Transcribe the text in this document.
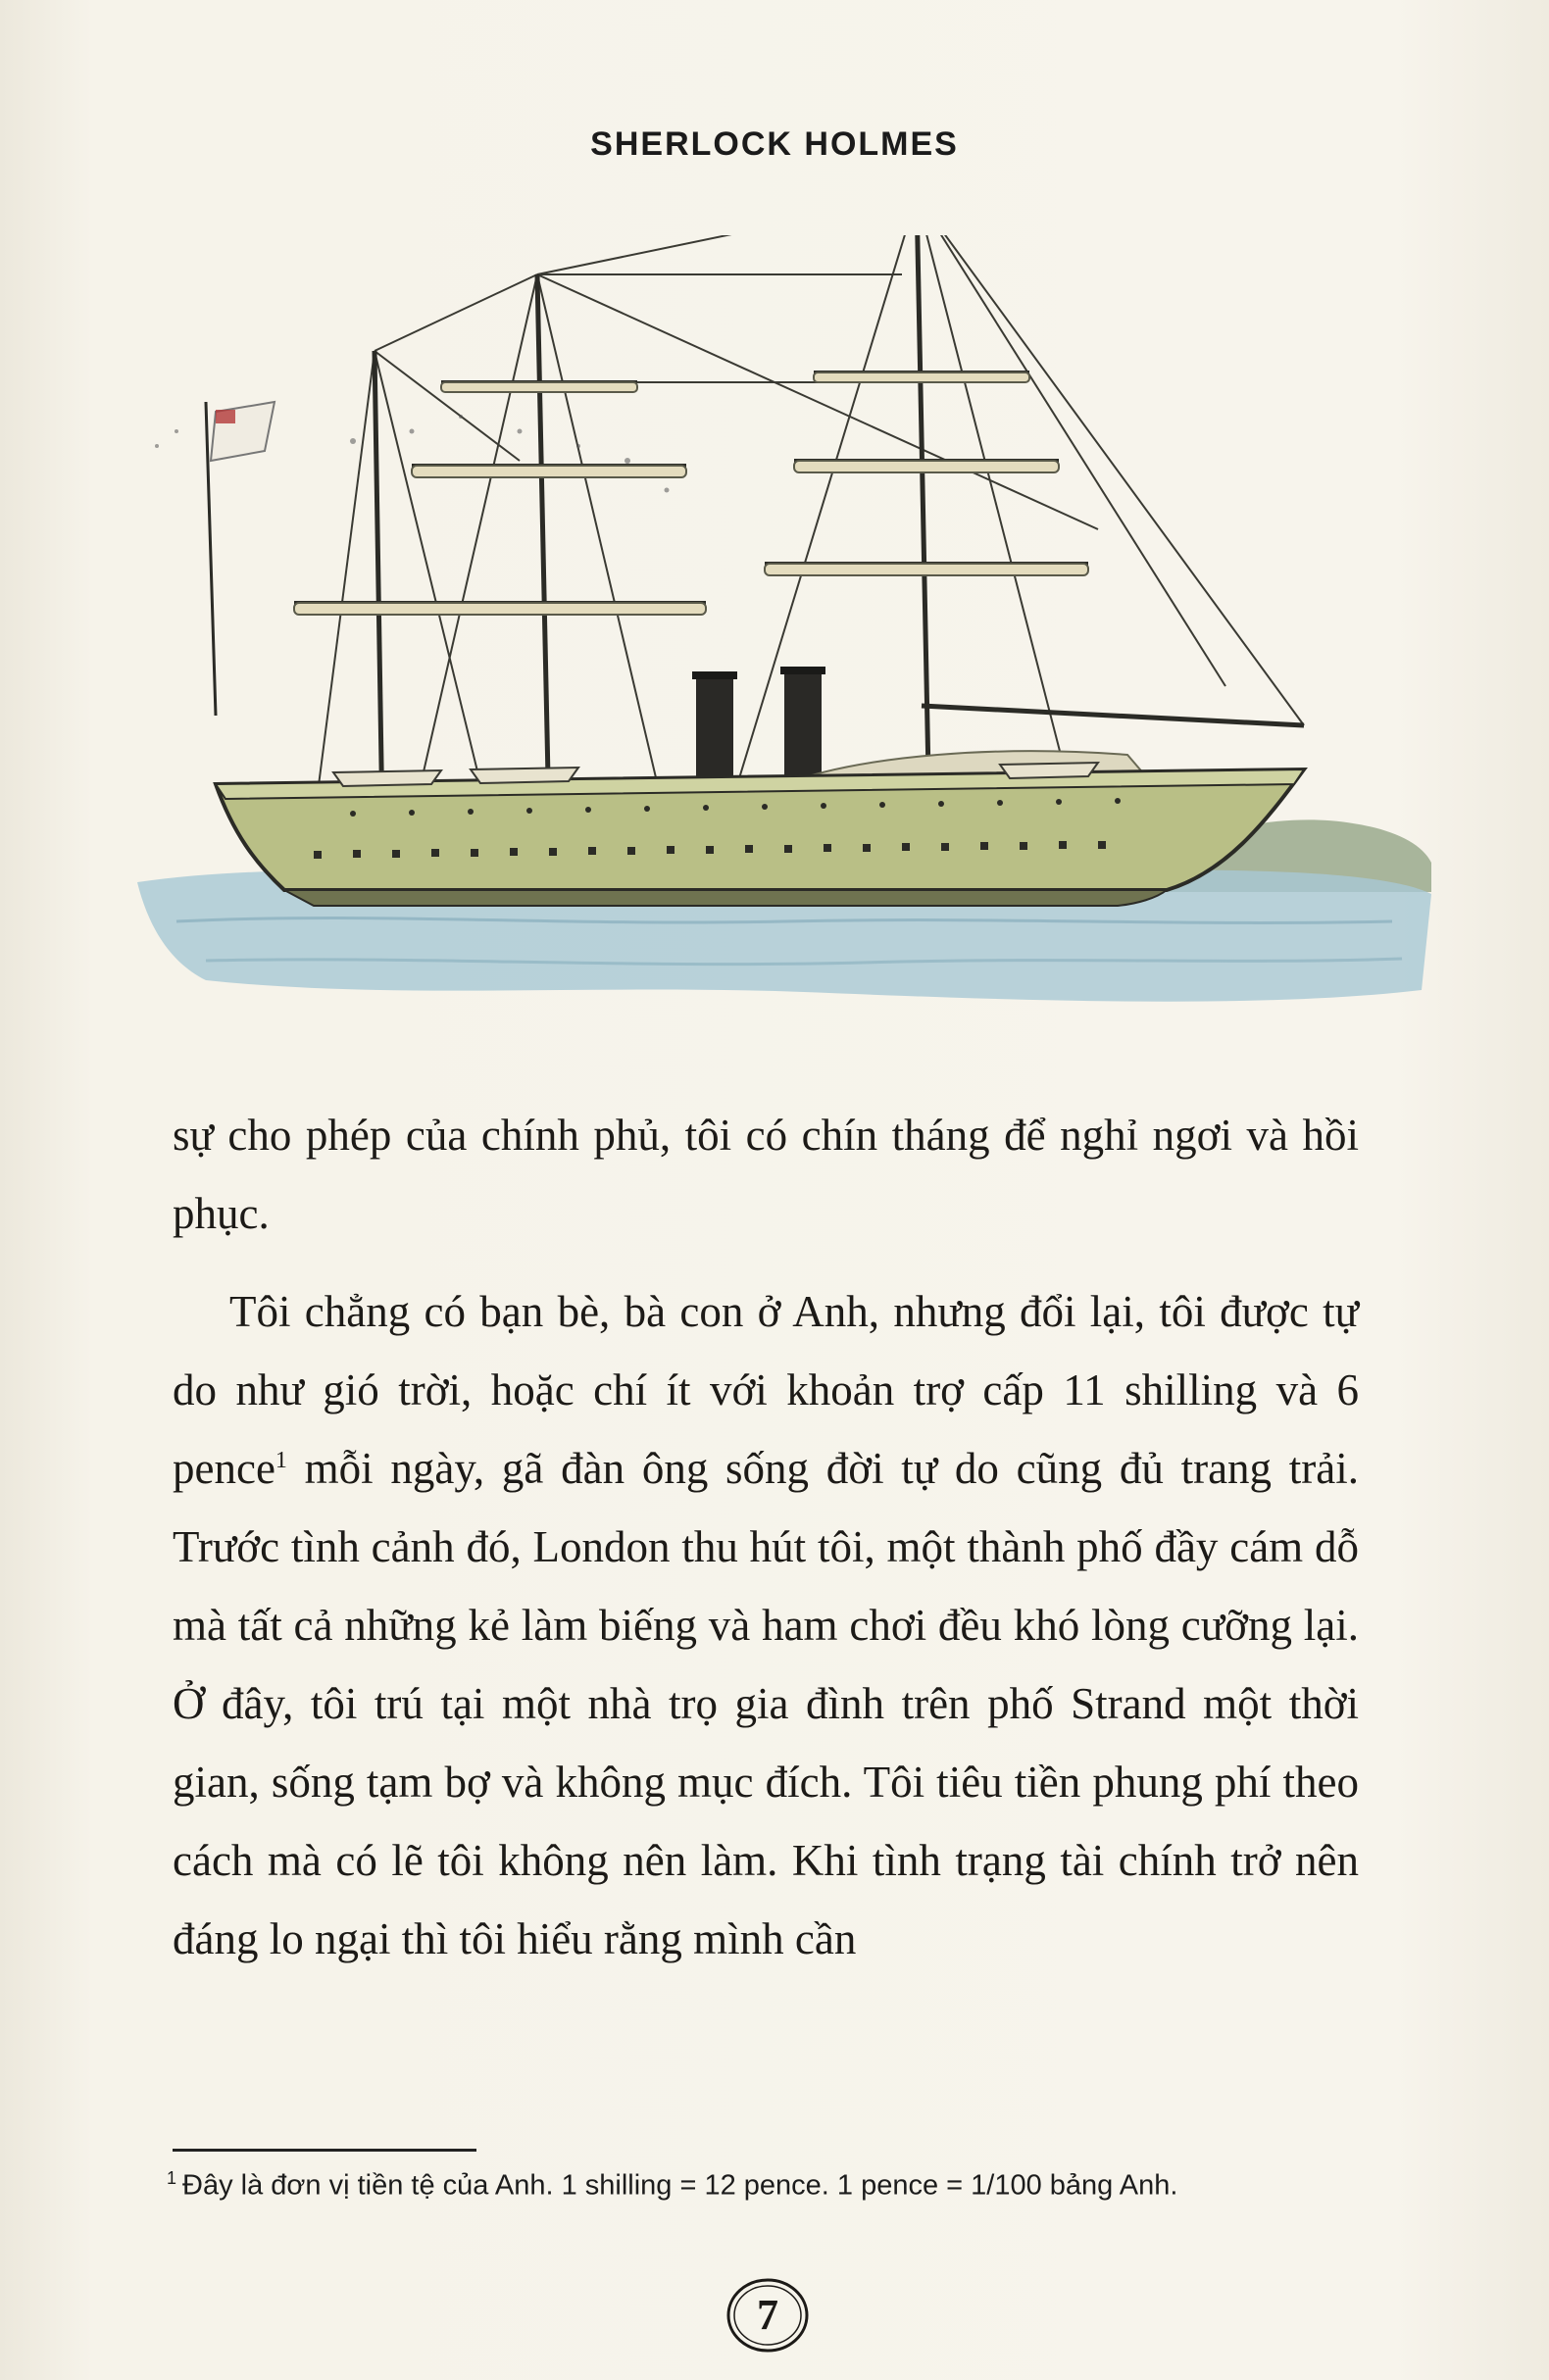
SHERLOCK HOLMES

sự cho phép của chính phủ, tôi có chín tháng để nghỉ ngơi và hồi phục.

Tôi chẳng có bạn bè, bà con ở Anh, nhưng đổi lại, tôi được tự do như gió trời, hoặc chí ít với khoản trợ cấp 11 shilling và 6 pence$^1$ mỗi ngày, gã đàn ông sống đời tự do cũng đủ trang trải. Trước tình cảnh đó, London thu hút tôi, một thành phố đầy cám dỗ mà tất cả những kẻ làm biếng và ham chơi đều khó lòng cưỡng lại. Ở đây, tôi trú tại một nhà trọ gia đình trên phố Strand một thời gian, sống tạm bợ và không mục đích. Tôi tiêu tiền phung phí theo cách mà có lẽ tôi không nên làm. Khi tình trạng tài chính trở nên đáng lo ngại thì tôi hiểu rằng mình cần

$^1$ Đây là đơn vị tiền tệ của Anh. 1 shilling = 12 pence. 1 pence = 1/100 bảng Anh.
7
